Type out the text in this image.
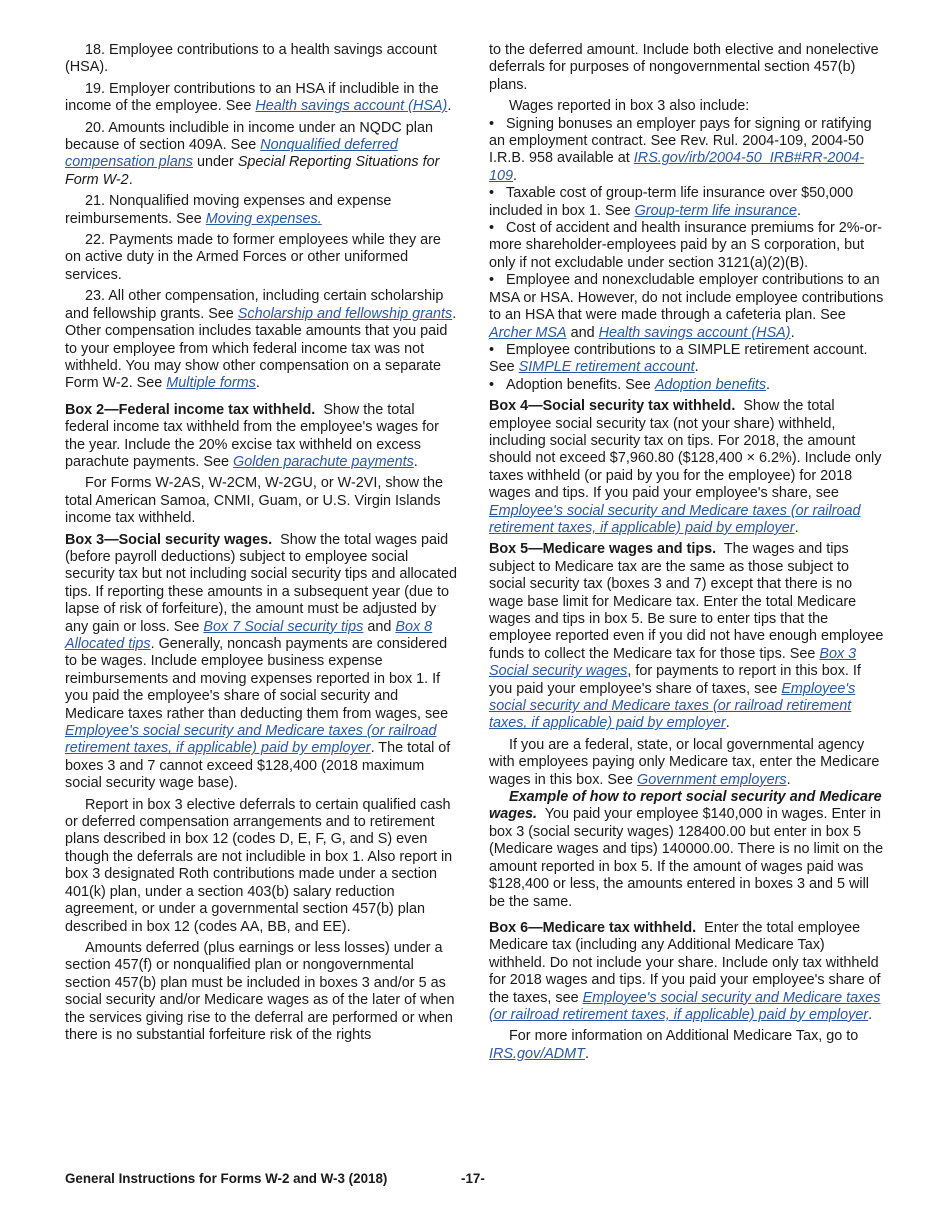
18. Employee contributions to a health savings account (HSA).

19. Employer contributions to an HSA if includible in the income of the employee. See Health savings account (HSA).

20. Amounts includible in income under an NQDC plan because of section 409A. See Nonqualified deferred compensation plans under Special Reporting Situations for Form W-2.

21. Nonqualified moving expenses and expense reimbursements. See Moving expenses.

22. Payments made to former employees while they are on active duty in the Armed Forces or other uniformed services.

23. All other compensation, including certain scholarship and fellowship grants. See Scholarship and fellowship grants. Other compensation includes taxable amounts that you paid to your employee from which federal income tax was not withheld. You may show other compensation on a separate Form W-2. See Multiple forms.

Box 2—Federal income tax withheld. Show the total federal income tax withheld from the employee's wages for the year. Include the 20% excise tax withheld on excess parachute payments. See Golden parachute payments.

For Forms W-2AS, W-2CM, W-2GU, or W-2VI, show the total American Samoa, CNMI, Guam, or U.S. Virgin Islands income tax withheld.

Box 3—Social security wages. Show the total wages paid (before payroll deductions) subject to employee social security tax but not including social security tips and allocated tips. If reporting these amounts in a subsequent year (due to lapse of risk of forfeiture), the amount must be adjusted by any gain or loss. See Box 7 Social security tips and Box 8 Allocated tips. Generally, noncash payments are considered to be wages. Include employee business expense reimbursements and moving expenses reported in box 1. If you paid the employee's share of social security and Medicare taxes rather than deducting them from wages, see Employee's social security and Medicare taxes (or railroad retirement taxes, if applicable) paid by employer. The total of boxes 3 and 7 cannot exceed $128,400 (2018 maximum social security wage base).

Report in box 3 elective deferrals to certain qualified cash or deferred compensation arrangements and to retirement plans described in box 12 (codes D, E, F, G, and S) even though the deferrals are not includible in box 1. Also report in box 3 designated Roth contributions made under a section 401(k) plan, under a section 403(b) salary reduction agreement, or under a governmental section 457(b) plan described in box 12 (codes AA, BB, and EE).

Amounts deferred (plus earnings or less losses) under a section 457(f) or nonqualified plan or nongovernmental section 457(b) plan must be included in boxes 3 and/or 5 as social security and/or Medicare wages as of the later of when the services giving rise to the deferral are performed or when there is no substantial forfeiture risk of the rights

to the deferred amount. Include both elective and nonelective deferrals for purposes of nongovernmental section 457(b) plans.

Wages reported in box 3 also include:

• Signing bonuses an employer pays for signing or ratifying an employment contract. See Rev. Rul. 2004-109, 2004-50 I.R.B. 958 available at IRS.gov/irb/2004-50_IRB#RR-2004-109.

• Taxable cost of group-term life insurance over $50,000 included in box 1. See Group-term life insurance.

• Cost of accident and health insurance premiums for 2%-or-more shareholder-employees paid by an S corporation, but only if not excludable under section 3121(a)(2)(B).

• Employee and nonexcludable employer contributions to an MSA or HSA. However, do not include employee contributions to an HSA that were made through a cafeteria plan. See Archer MSA and Health savings account (HSA).

• Employee contributions to a SIMPLE retirement account. See SIMPLE retirement account.

• Adoption benefits. See Adoption benefits.

Box 4—Social security tax withheld. Show the total employee social security tax (not your share) withheld, including social security tax on tips. For 2018, the amount should not exceed $7,960.80 ($128,400 × 6.2%). Include only taxes withheld (or paid by you for the employee) for 2018 wages and tips. If you paid your employee's share, see Employee's social security and Medicare taxes (or railroad retirement taxes, if applicable) paid by employer.

Box 5—Medicare wages and tips. The wages and tips subject to Medicare tax are the same as those subject to social security tax (boxes 3 and 7) except that there is no wage base limit for Medicare tax. Enter the total Medicare wages and tips in box 5. Be sure to enter tips that the employee reported even if you did not have enough employee funds to collect the Medicare tax for those tips. See Box 3 Social security wages, for payments to report in this box. If you paid your employee's share of taxes, see Employee's social security and Medicare taxes (or railroad retirement taxes, if applicable) paid by employer.

If you are a federal, state, or local governmental agency with employees paying only Medicare tax, enter the Medicare wages in this box. See Government employers.

Example of how to report social security and Medicare wages. You paid your employee $140,000 in wages. Enter in box 3 (social security wages) 128400.00 but enter in box 5 (Medicare wages and tips) 140000.00. There is no limit on the amount reported in box 5. If the amount of wages paid was $128,400 or less, the amounts entered in boxes 3 and 5 will be the same.

Box 6—Medicare tax withheld. Enter the total employee Medicare tax (including any Additional Medicare Tax) withheld. Do not include your share. Include only tax withheld for 2018 wages and tips. If you paid your employee's share of the taxes, see Employee's social security and Medicare taxes (or railroad retirement taxes, if applicable) paid by employer.

For more information on Additional Medicare Tax, go to IRS.gov/ADMT.

General Instructions for Forms W-2 and W-3 (2018)	-17-
